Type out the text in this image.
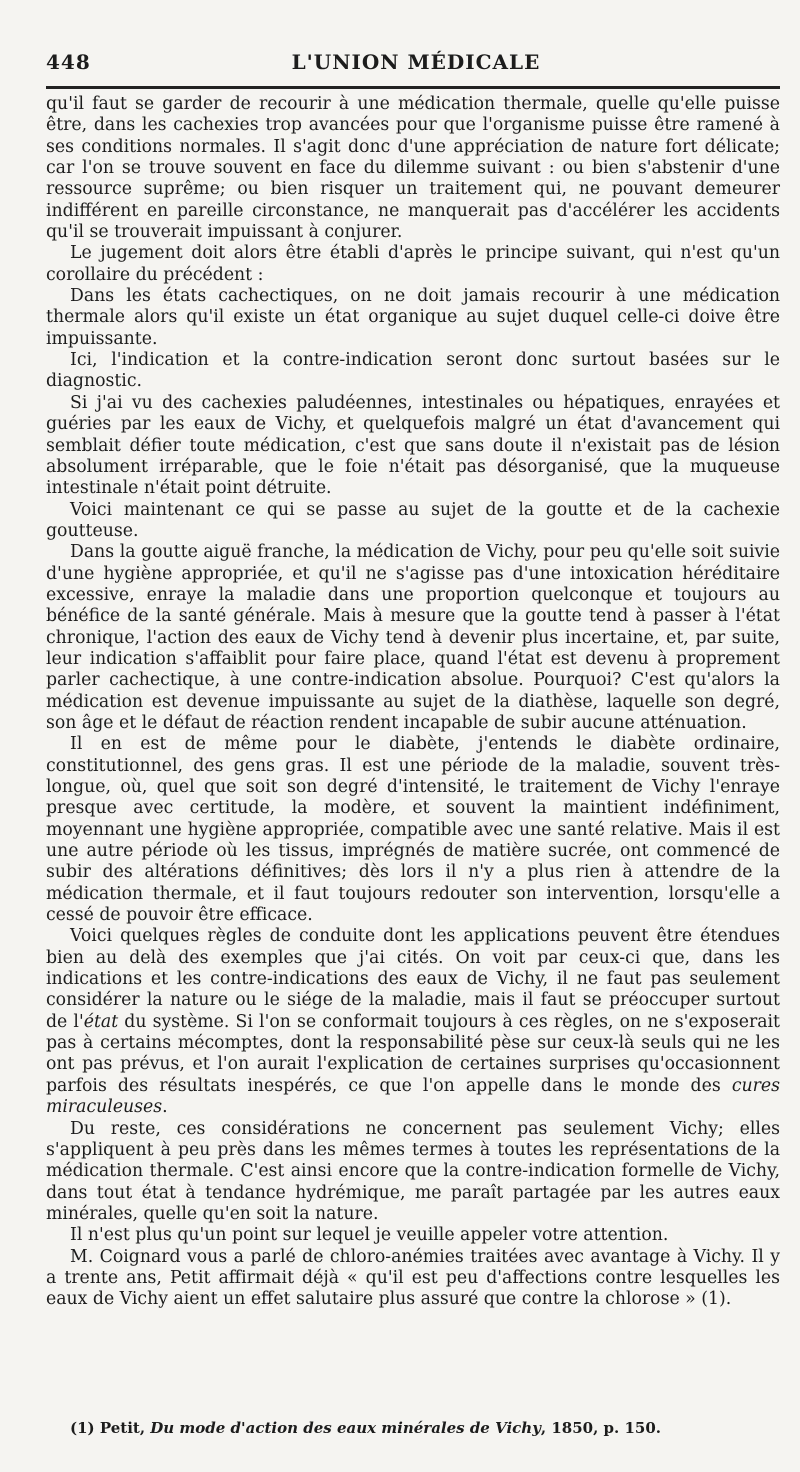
448	L'UNION MÉDICALE

qu'il faut se garder de recourir à une médication thermale, quelle qu'elle puisse être, dans les cachexies trop avancées pour que l'organisme puisse être ramené à ses conditions normales. Il s'agit donc d'une appréciation de nature fort délicate; car l'on se trouve souvent en face du dilemme suivant : ou bien s'abstenir d'une ressource suprême; ou bien risquer un traitement qui, ne pouvant demeurer indifférent en pareille circonstance, ne manquerait pas d'accélérer les accidents qu'il se trouverait impuissant à conjurer.

Le jugement doit alors être établi d'après le principe suivant, qui n'est qu'un corollaire du précédent :

Dans les états cachectiques, on ne doit jamais recourir à une médication thermale alors qu'il existe un état organique au sujet duquel celle-ci doive être impuissante.

Ici, l'indication et la contre-indication seront donc surtout basées sur le diagnostic.

Si j'ai vu des cachexies paludéennes, intestinales ou hépatiques, enrayées et guéries par les eaux de Vichy, et quelquefois malgré un état d'avancement qui semblait défier toute médication, c'est que sans doute il n'existait pas de lésion absolument irréparable, que le foie n'était pas désorganisé, que la muqueuse intestinale n'était point détruite.

Voici maintenant ce qui se passe au sujet de la goutte et de la cachexie goutteuse.

Dans la goutte aiguë franche, la médication de Vichy, pour peu qu'elle soit suivie d'une hygiène appropriée, et qu'il ne s'agisse pas d'une intoxication héréditaire excessive, enraye la maladie dans une proportion quelconque et toujours au bénéfice de la santé générale. Mais à mesure que la goutte tend à passer à l'état chronique, l'action des eaux de Vichy tend à devenir plus incertaine, et, par suite, leur indication s'affaiblit pour faire place, quand l'état est devenu à proprement parler cachectique, à une contre-indication absolue. Pourquoi? C'est qu'alors la médication est devenue impuissante au sujet de la diathèse, laquelle son degré, son âge et le défaut de réaction rendent incapable de subir aucune atténuation.

Il en est de même pour le diabète, j'entends le diabète ordinaire, constitutionnel, des gens gras. Il est une période de la maladie, souvent très-longue, où, quel que soit son degré d'intensité, le traitement de Vichy l'enraye presque avec certitude, la modère, et souvent la maintient indéfiniment, moyennant une hygiène appropriée, compatible avec une santé relative. Mais il est une autre période où les tissus, imprégnés de matière sucrée, ont commencé de subir des altérations définitives; dès lors il n'y a plus rien à attendre de la médication thermale, et il faut toujours redouter son intervention, lorsqu'elle a cessé de pouvoir être efficace.

Voici quelques règles de conduite dont les applications peuvent être étendues bien au delà des exemples que j'ai cités. On voit par ceux-ci que, dans les indications et les contre-indications des eaux de Vichy, il ne faut pas seulement considérer la nature ou le siége de la maladie, mais il faut se préoccuper surtout de l'état du système. Si l'on se conformait toujours à ces règles, on ne s'exposerait pas à certains mécomptes, dont la responsabilité pèse sur ceux-là seuls qui ne les ont pas prévus, et l'on aurait l'explication de certaines surprises qu'occasionnent parfois des résultats inespérés, ce que l'on appelle dans le monde des cures miraculeuses.

Du reste, ces considérations ne concernent pas seulement Vichy; elles s'appliquent à peu près dans les mêmes termes à toutes les représentations de la médication thermale. C'est ainsi encore que la contre-indication formelle de Vichy, dans tout état à tendance hydrémique, me paraît partagée par les autres eaux minérales, quelle qu'en soit la nature.

Il n'est plus qu'un point sur lequel je veuille appeler votre attention.

M. Coignard vous a parlé de chloro-anémies traitées avec avantage à Vichy. Il y a trente ans, Petit affirmait déjà « qu'il est peu d'affections contre lesquelles les eaux de Vichy aient un effet salutaire plus assuré que contre la chlorose » (1).

(1) Petit, Du mode d'action des eaux minérales de Vichy, 1850, p. 150.
